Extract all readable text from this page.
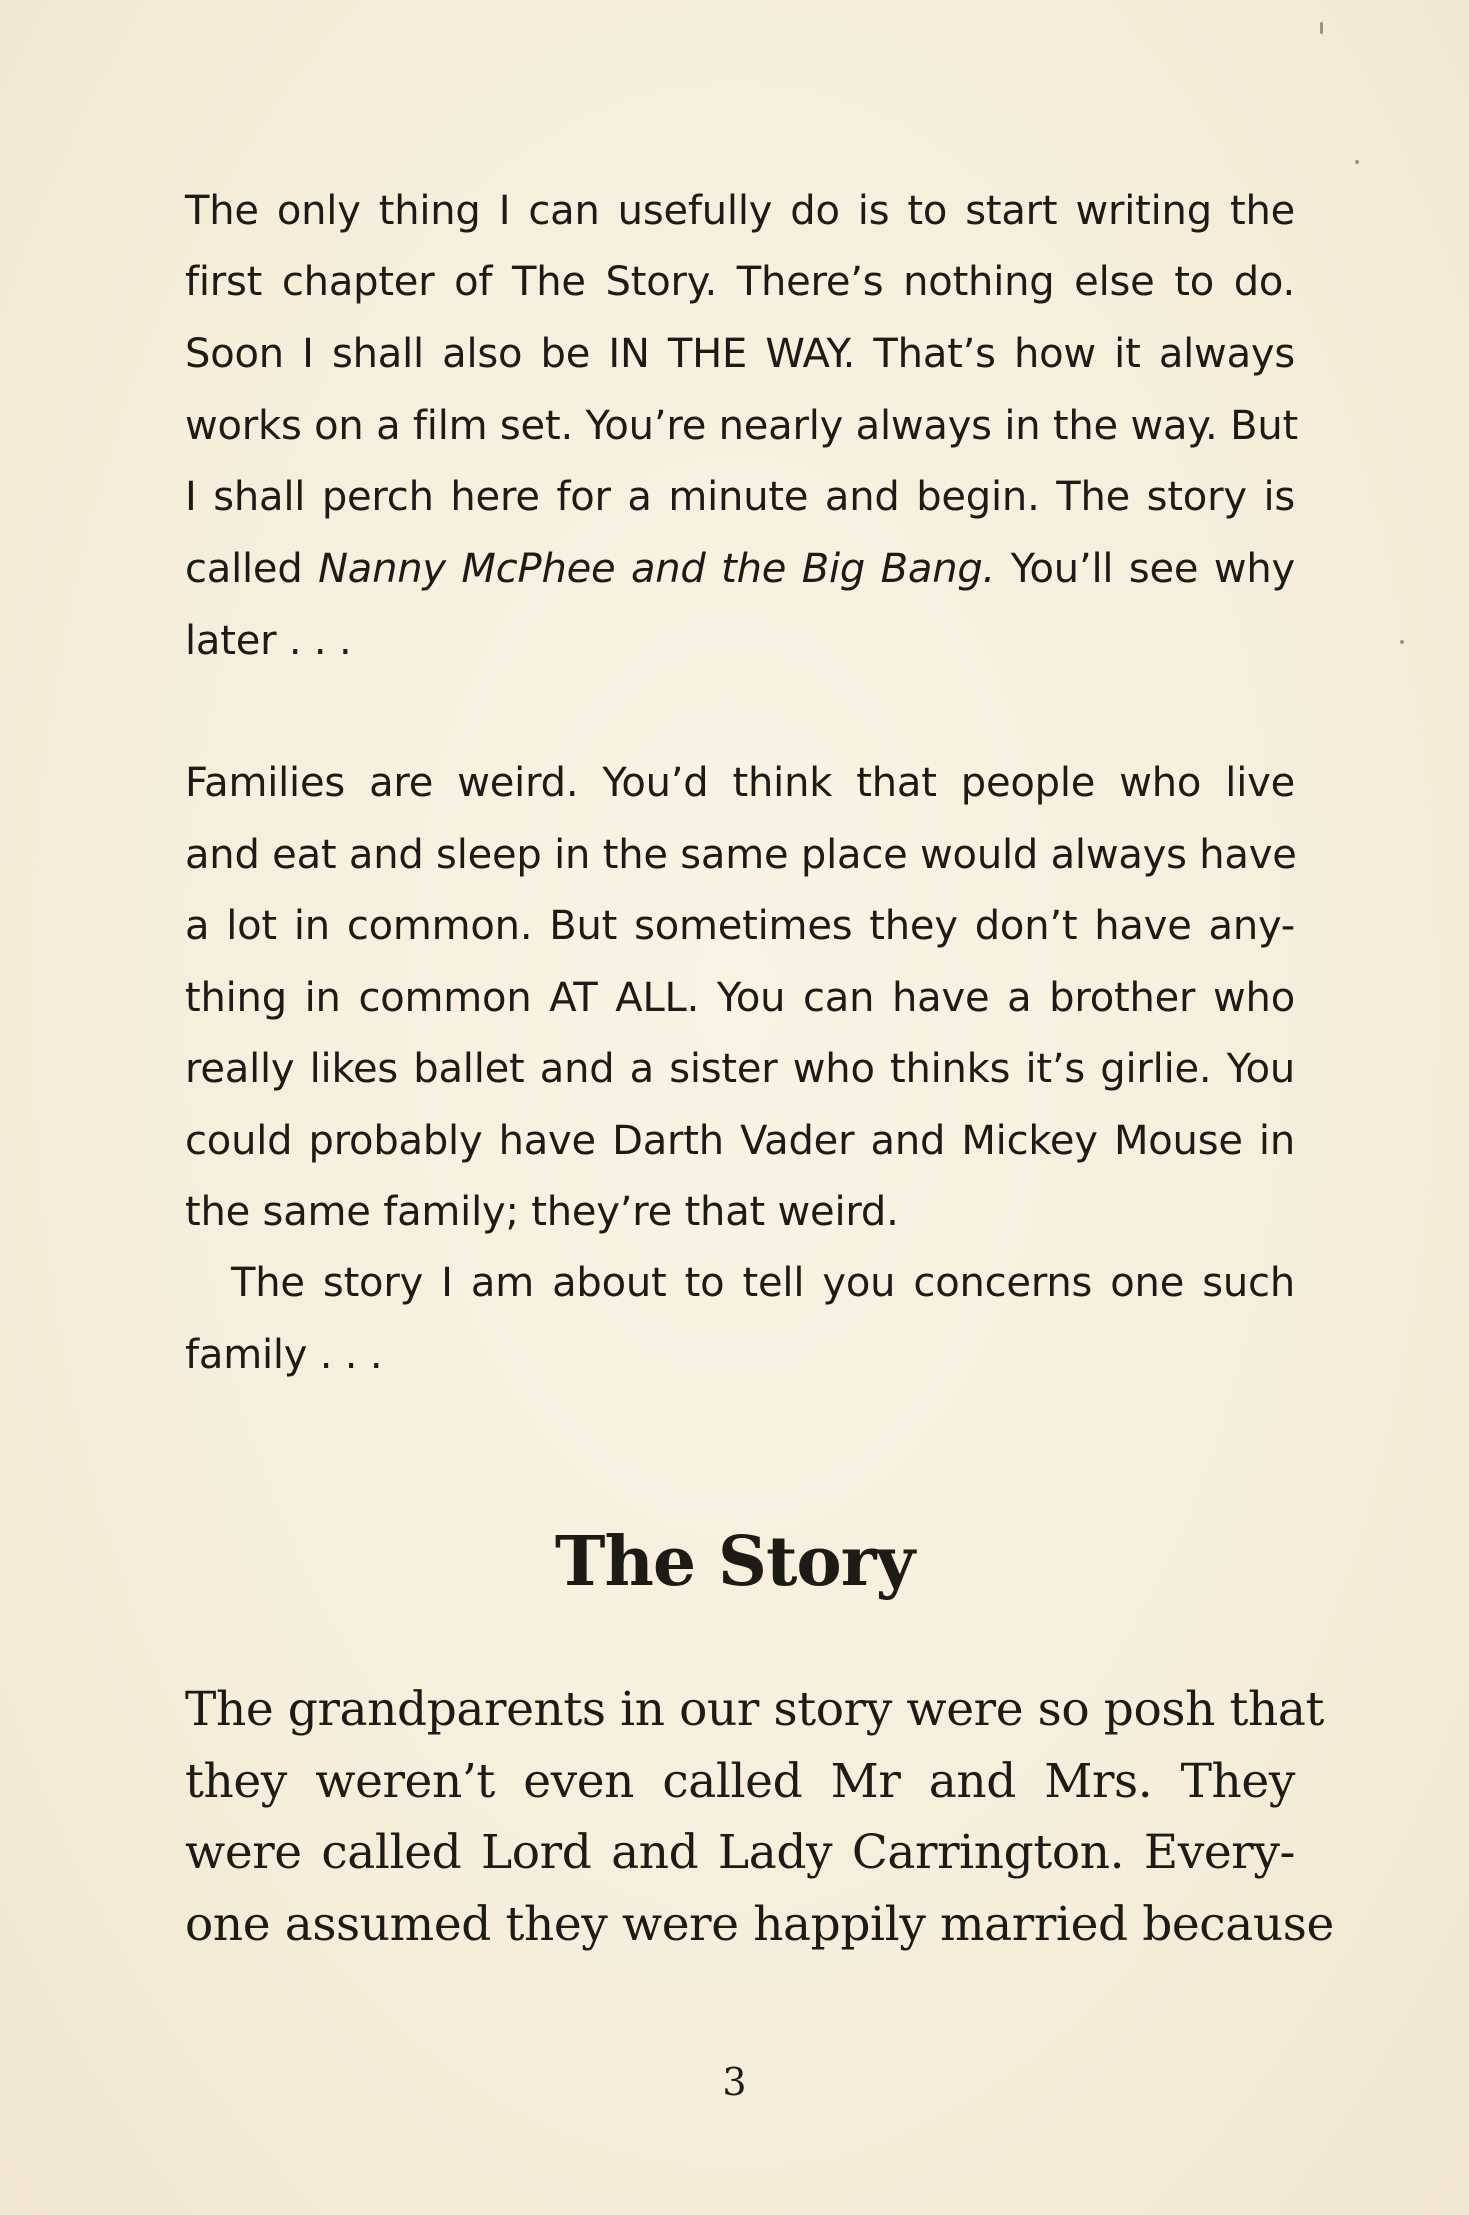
The only thing I can usefully do is to start writing the
first chapter of The Story. There’s nothing else to do.
Soon I shall also be IN THE WAY. That’s how it always
works on a film set. You’re nearly always in the way. But
I shall perch here for a minute and begin. The story is
called Nanny McPhee and the Big Bang. You’ll see why
later . . .
Families are weird. You’d think that people who live
and eat and sleep in the same place would always have
a lot in common. But sometimes they don’t have any-
thing in common AT ALL. You can have a brother who
really likes ballet and a sister who thinks it’s girlie. You
could probably have Darth Vader and Mickey Mouse in
the same family; they’re that weird.
The story I am about to tell you concerns one such
family . . .
The Story
The grandparents in our story were so posh that
they weren’t even called Mr and Mrs. They
were called Lord and Lady Carrington. Every-
one assumed they were happily married because
3
